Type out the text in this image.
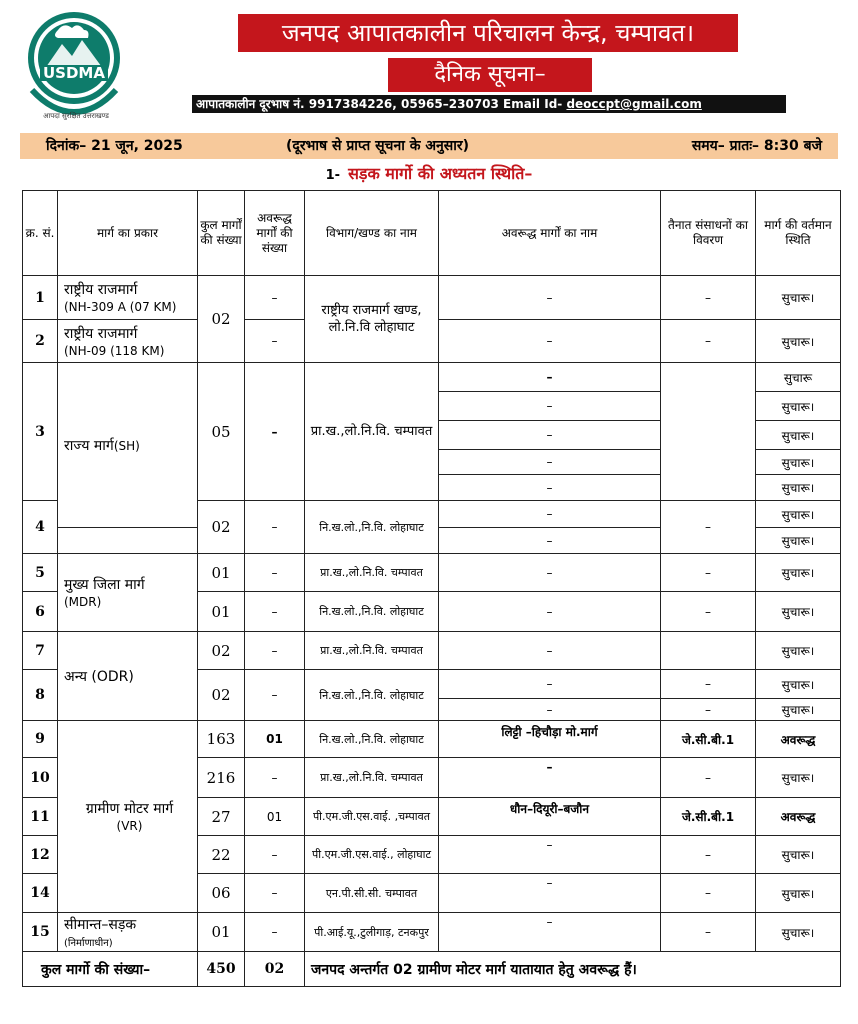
USDMA
आपदा सुरक्षित उत्तराखण्ड
जनपद आपातकालीन परिचालन केन्द्र, चम्पावत।
दैनिक सूचना–
आपातकालीन दूरभाष नं. 9917384226, 05965–230703 Email Id- deoccpt@gmail.com
दिनांक– 21 जून, 2025	(दूरभाष से प्राप्त सूचना के अनुसार)	समय– प्रातः– 8:30 बजे
1- सड़क मार्गो की अध्यतन स्थिति–
क्र. सं.	मार्ग का प्रकार	कुल मार्गों की संख्या	अवरूद्ध मार्गों की संख्या	विभाग/खण्ड का नाम	अवरूद्ध मार्गों का नाम	तैनात संसाधनों का विवरण	मार्ग की वर्तमान स्थिति
1	राष्ट्रीय राजमार्ग
(NH-309 A (07 KM)	02	–	राष्ट्रीय राजमार्ग खण्ड, लो.नि.वि लोहाघाट	–	–	सुचारू।
2	राष्ट्रीय राजमार्ग
(NH-09 (118 KM)		–		–	–	सुचारू।
3	राज्य मार्ग(SH)	05	–	प्रा.ख.,लो.नि.वि. चम्पावत	–		सुचारू
					–		सुचारू।
					–		सुचारू।
					–		सुचारू।
					–		सुचारू।
4		02	–	नि.ख.लो.,नि.वि. लोहाघाट	–	–	सुचारू।
					–		सुचारू।
5	मुख्य जिला मार्ग
(MDR)	01	–	प्रा.ख.,लो.नि.वि. चम्पावत	–	–	सुचारू।
6		01	–	नि.ख.लो.,नि.वि. लोहाघाट	–	–	सुचारू।
7	अन्य (ODR)	02	–	प्रा.ख.,लो.नि.वि. चम्पावत	–		सुचारू।
8		02	–	नि.ख.लो.,नि.वि. लोहाघाट	–	–	सुचारू।
					–	–	सुचारू।
9	ग्रामीण मोटर मार्ग
(VR)	163	01	नि.ख.लो.,नि.वि. लोहाघाट	लिट्टी –हिचौड़ा मो.मार्ग	जे.सी.बी.1	अवरूद्ध
10		216	–	प्रा.ख.,लो.नि.वि. चम्पावत	–	–	सुचारू।
11		27	01	पी.एम.जी.एस.वाई. ,चम्पावत	धौन–दियूरी–बजौन	जे.सी.बी.1	अवरूद्ध
12		22	–	पी.एम.जी.एस.वाई., लोहाघाट	–	–	सुचारू।
14		06	–	एन.पी.सी.सी. चम्पावत	–	–	सुचारू।
15	सीमान्त–सड़क
(निर्माणाधीन)	01	–	पी.आई.यू.,टुलीगाड़, टनकपुर	–	–	सुचारू।
कुल मार्गो की संख्या–		450	02	जनपद अन्तर्गत 02 ग्रामीण मोटर मार्ग यातायात हेतु अवरूद्ध हैं।			
